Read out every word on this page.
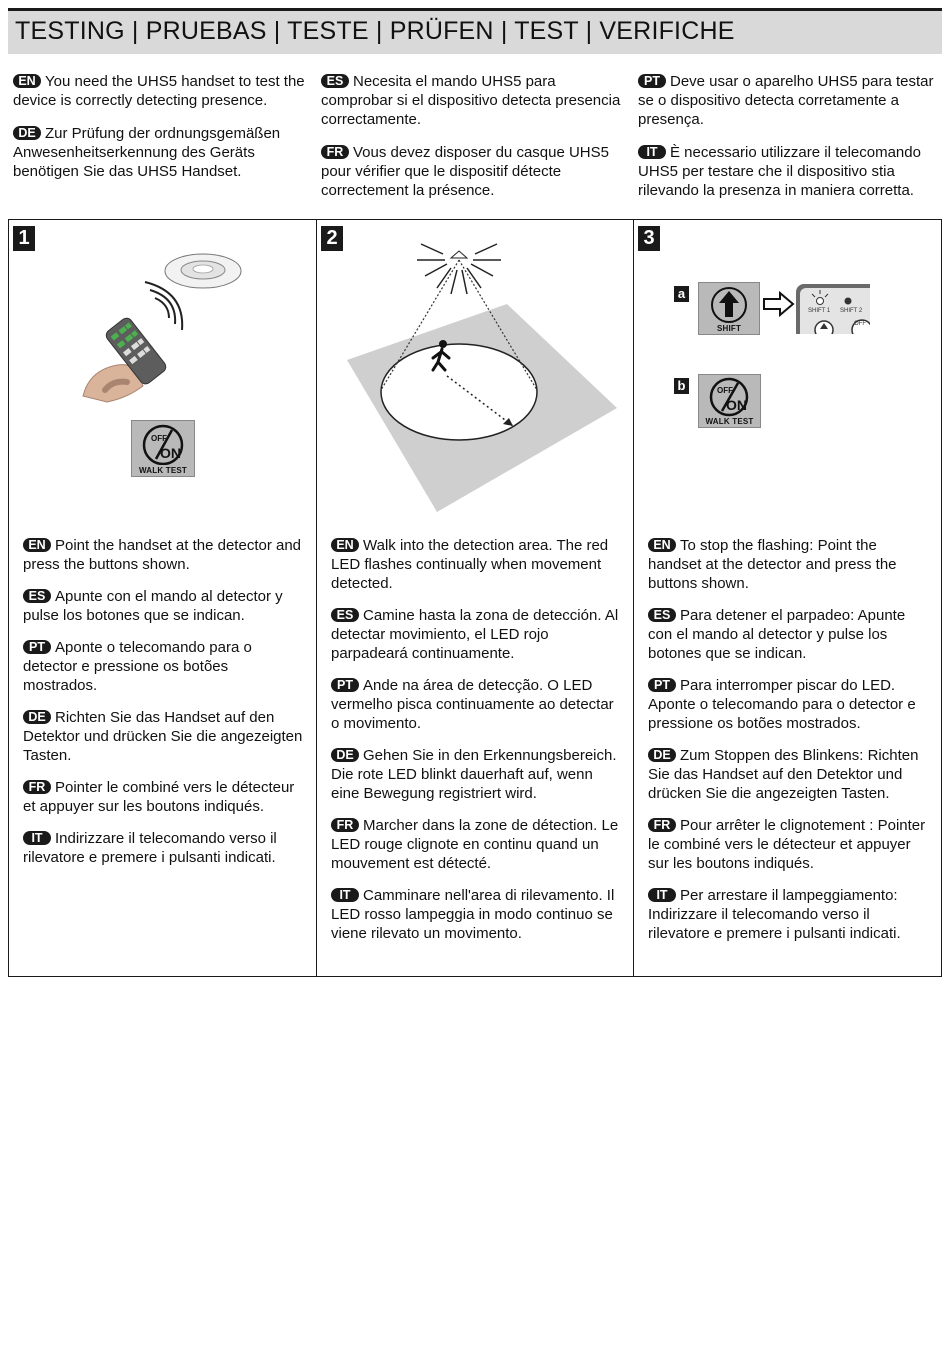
TESTING | PRUEBAS | TESTE | PRÜFEN | TEST | VERIFICHE

EN You need the UHS5 handset to test the device is correctly detecting presence.

DE Zur Prüfung der ordnungsgemäßen Anwesenheitserkennung des Geräts benötigen Sie das UHS5 Handset.

ES Necesita el mando UHS5 para comprobar si el dispositivo detecta presencia correctamente.

FR Vous devez disposer du casque UHS5 pour vérifier que le dispositif détecte correctement la présence.

PT Deve usar o aparelho UHS5 para testar se o dispositivo detecta corretamente a presença.

IT È necessario utilizzare il telecomando UHS5 per testare che il dispositivo stia rilevando la presenza in maniera corretta.

1
OFF
ON
WALK TEST

EN Point the handset at the detector and press the buttons shown.

ES Apunte con el mando al detector y pulse los botones que se indican.

PT Aponte o telecomando para o detector e pressione os botões mostrados.

DE Richten Sie das Handset auf den Detektor und drücken Sie die angezeigten Tasten.

FR Pointer le combiné vers le détecteur et appuyer sur les boutons indiqués.

IT Indirizzare il telecomando verso il rilevatore e premere i pulsanti indicati.

2

EN Walk into the detection area. The red LED flashes continually when movement detected.

ES Camine hasta la zona de detección. Al detectar movimiento, el LED rojo parpadeará continuamente.

PT Ande na área de detecção. O LED vermelho pisca continuamente ao detectar o movimento.

DE Gehen Sie in den Erkennungsbereich. Die rote LED blinkt dauerhaft auf, wenn eine Bewegung registriert wird.

FR Marcher dans la zone de détection. Le LED rouge clignote en continu quand un mouvement est détecté.

IT Camminare nell'area di rilevamento. Il LED rosso lampeggia in modo continuo se viene rilevato un movimento.

3
a
SHIFT
SHIFT 1 SHIFT 2
OFF
b	OFF
ON
WALK TEST

EN To stop the flashing: Point the handset at the detector and press the buttons shown.

ES Para detener el parpadeo: Apunte con el mando al detector y pulse los botones que se indican.

PT Para interromper piscar do LED. Aponte o telecomando para o detector e pressione os botões mostrados.

DE Zum Stoppen des Blinkens: Richten Sie das Handset auf den Detektor und drücken Sie die angezeigten Tasten.

FR Pour arrêter le clignotement : Pointer le combiné vers le détecteur et appuyer sur les boutons indiqués.

IT Per arrestare il lampeggiamento: Indirizzare il telecomando verso il rilevatore e premere i pulsanti indicati.
